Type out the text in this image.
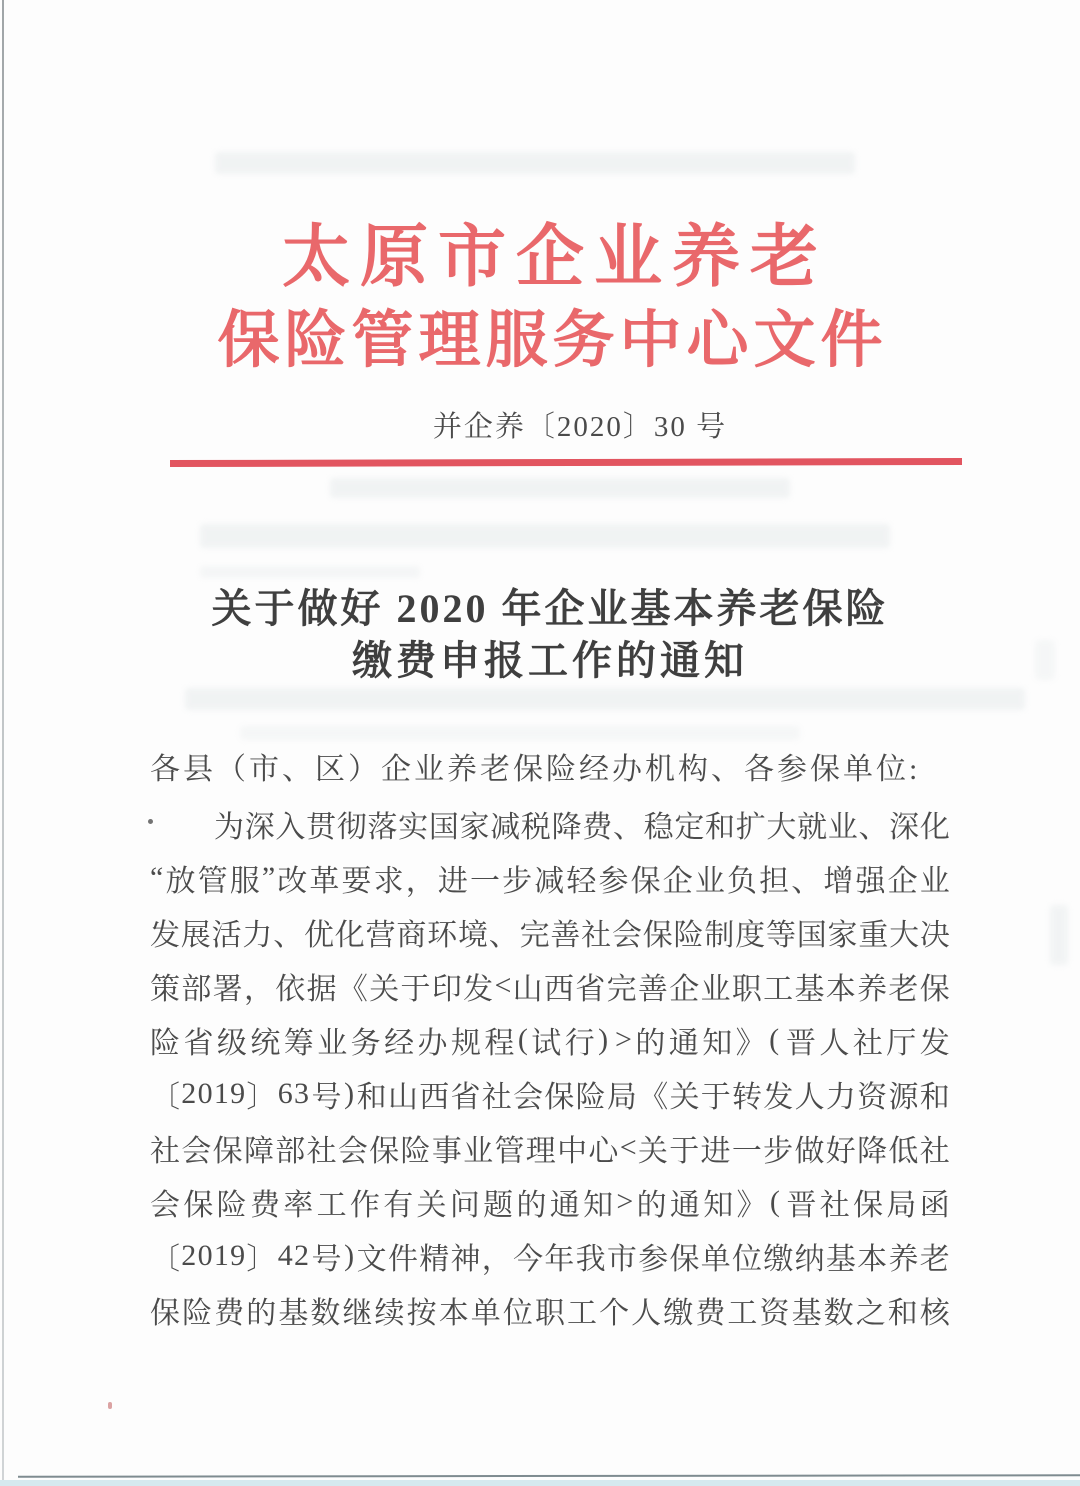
太原市企业养老
保险管理服务中心文件
并企养〔2020〕30 号
关于做好 2020 年企业基本养老保险
缴费申报工作的通知
各县（市、区）企业养老保险经办机构、各参保单位:
为 深 入 贯 彻 落 实 国 家 减 税 降 费 、 稳 定 和 扩 大 就 业 、 深 化
“ 放 管 服 ” 改 革 要 求 ， 进 一 步 减 轻 参 保 企 业 负 担 、 增 强 企 业
发 展 活 力 、 优 化 营 商 环 境 、 完 善 社 会 保 险 制 度 等 国 家 重 大 决
策 部 署 ， 依 据 《 关 于 印 发 < 山 西 省 完 善 企 业 职 工 基 本 养 老 保
险 省 级 统 筹 业 务 经 办 规 程 ( 试 行 ) > 的 通 知 》 ( 晋 人 社 厅 发
〔 2 0 1 9 〕 6 3 号 ) 和 山 西 省 社 会 保 险 局 《 关 于 转 发 人 力 资 源 和
社 会 保 障 部 社 会 保 险 事 业 管 理 中 心 < 关 于 进 一 步 做 好 降 低 社
会 保 险 费 率 工 作 有 关 问 题 的 通 知 > 的 通 知 》 ( 晋 社 保 局 函
〔 2 0 1 9 〕 4 2 号 ) 文 件 精 神 ， 今 年 我 市 参 保 单 位 缴 纳 基 本 养 老
保 险 费 的 基 数 继 续 按 本 单 位 职 工 个 人 缴 费 工 资 基 数 之 和 核
